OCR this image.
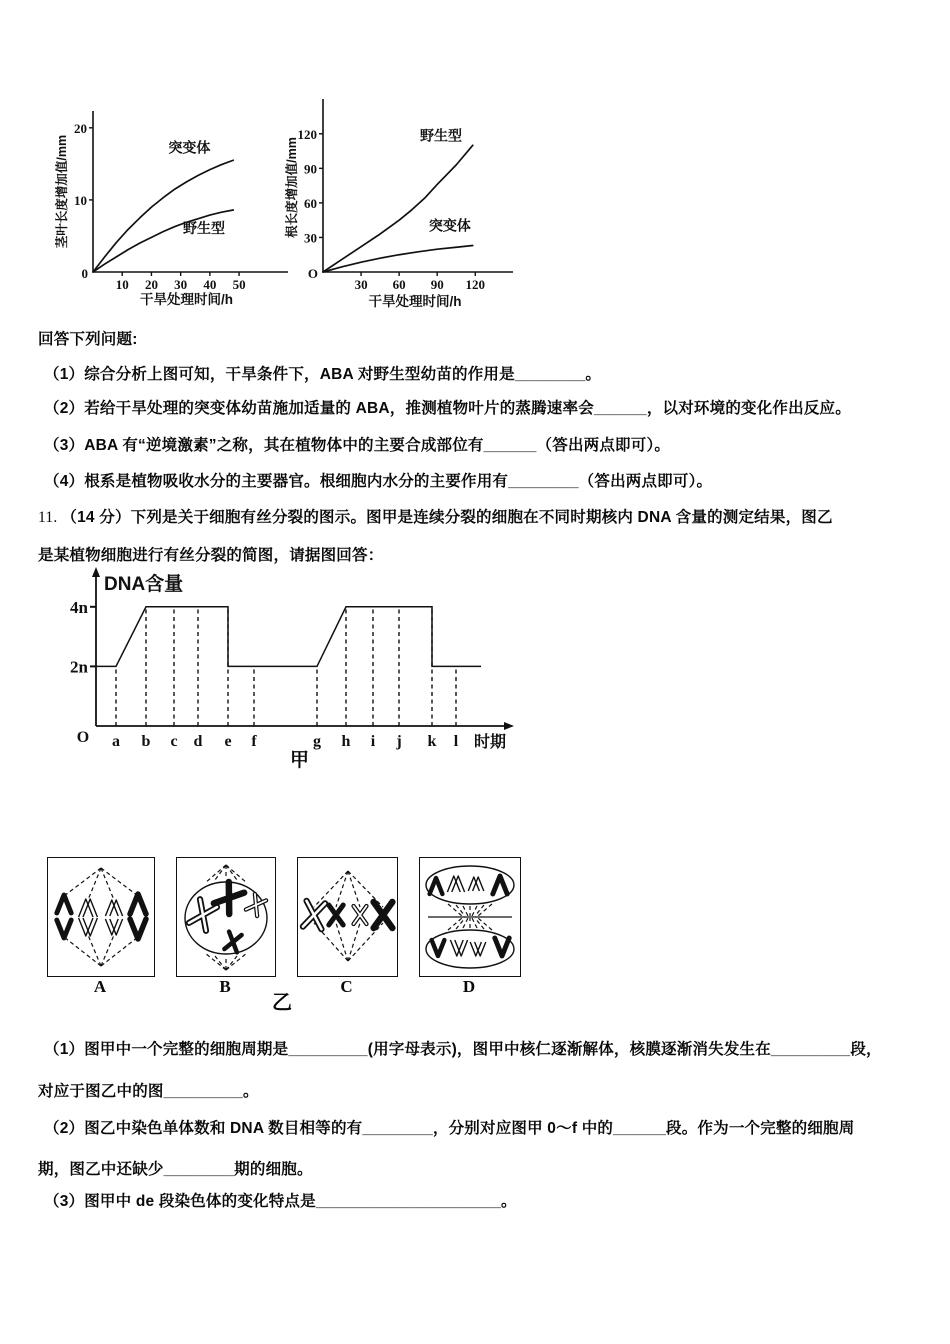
0
10
20
10 20 30 40 50
茎叶长度增加值/mm
干旱处理时间/h
突变体
野生型
O
30
60
90
120
30 60 90 120
根长度增加值/mm
干旱处理时间/h
野生型
突变体
回答下列问题:
（1）综合分析上图可知，干旱条件下，ABA 对野生型幼苗的作用是________。
（2）若给干旱处理的突变体幼苗施加适量的 ABA，推测植物叶片的蒸腾速率会______，以对环境的变化作出反应。
（3）ABA 有“逆境激素”之称，其在植物体中的主要合成部位有______（答出两点即可）。
（4）根系是植物吸收水分的主要器官。根细胞内水分的主要作用有________（答出两点即可）。
11. （14 分）下列是关于细胞有丝分裂的图示。图甲是连续分裂的细胞在不同时期核内 DNA 含量的测定结果，图乙
是某植物细胞进行有丝分裂的简图，请据图回答：
DNA含量
O
2n
4n
a b c d e f	g h i j k l 时期
甲
A	B	C	D
乙
（1）图甲中一个完整的细胞周期是_________(用字母表示)，图甲中核仁逐渐解体，核膜逐渐消失发生在_________段，
对应于图乙中的图_________。
（2）图乙中染色单体数和 DNA 数目相等的有________，分别对应图甲 0～f 中的______段。作为一个完整的细胞周
期，图乙中还缺少________期的细胞。
（3）图甲中 de 段染色体的变化特点是_____________________。
